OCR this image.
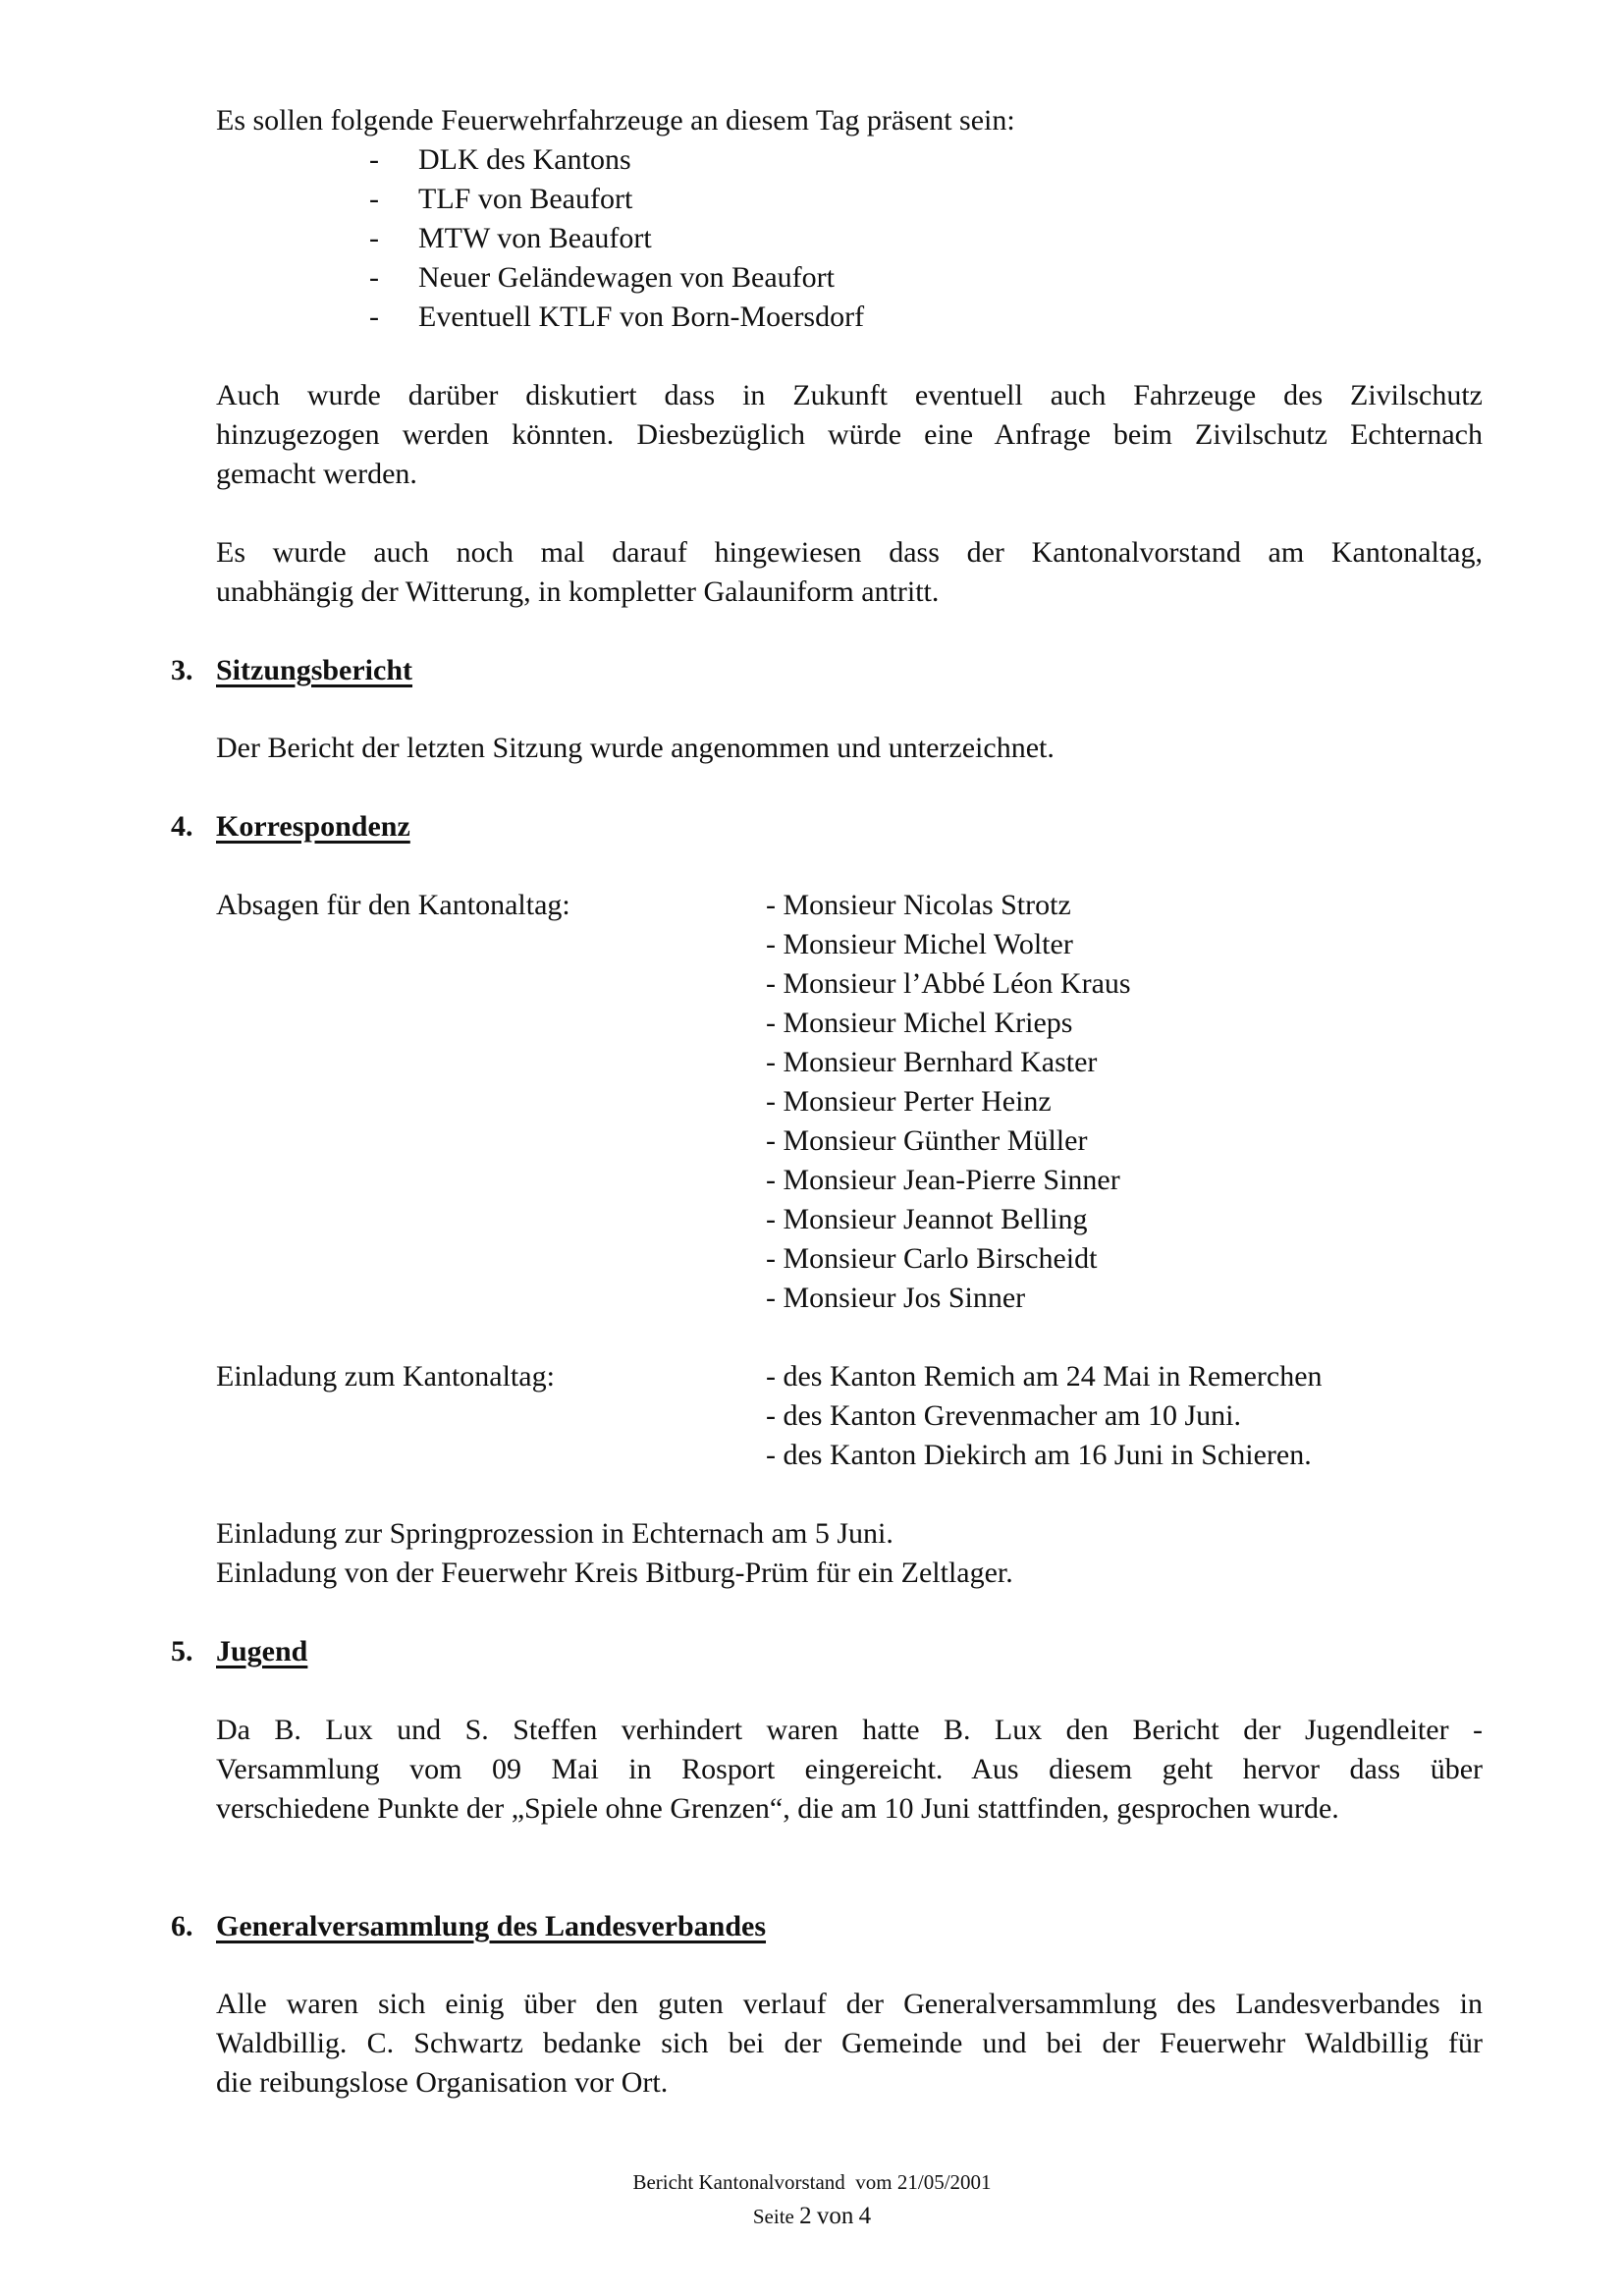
Es sollen folgende Feuerwehrfahrzeuge an diesem Tag präsent sein:
- DLK des Kantons
- TLF von Beaufort
- MTW von Beaufort
- Neuer Geländewagen von Beaufort
- Eventuell KTLF von Born-Moersdorf
Auch wurde darüber diskutiert dass in Zukunft eventuell auch Fahrzeuge des Zivilschutz
hinzugezogen werden könnten. Diesbezüglich würde eine Anfrage beim Zivilschutz Echternach
gemacht werden.
Es wurde auch noch mal darauf hingewiesen dass der Kantonalvorstand am Kantonaltag,
unabhängig der Witterung, in kompletter Galauniform antritt.
3. Sitzungsbericht
Der Bericht der letzten Sitzung wurde angenommen und unterzeichnet.
4. Korrespondenz
Absagen für den Kantonaltag:	- Monsieur Nicolas Strotz
- Monsieur Michel Wolter
- Monsieur l’Abbé Léon Kraus
- Monsieur Michel Krieps
- Monsieur Bernhard Kaster
- Monsieur Perter Heinz
- Monsieur Günther Müller
- Monsieur Jean-Pierre Sinner
- Monsieur Jeannot Belling
- Monsieur Carlo Birscheidt
- Monsieur Jos Sinner
Einladung zum Kantonaltag:	- des Kanton Remich am 24 Mai in Remerchen
- des Kanton Grevenmacher am 10 Juni.
- des Kanton Diekirch am 16 Juni in Schieren.
Einladung zur Springprozession in Echternach am 5 Juni.
Einladung von der Feuerwehr Kreis Bitburg-Prüm für ein Zeltlager.
5. Jugend
Da B. Lux und S. Steffen verhindert waren hatte B. Lux den Bericht der Jugendleiter -
Versammlung vom 09 Mai in Rosport eingereicht. Aus diesem geht hervor dass über
verschiedene Punkte der „Spiele ohne Grenzen“, die am 10 Juni stattfinden, gesprochen wurde.
6. Generalversammlung des Landesverbandes
Alle waren sich einig über den guten verlauf der Generalversammlung des Landesverbandes in
Waldbillig. C. Schwartz bedanke sich bei der Gemeinde und bei der Feuerwehr Waldbillig für
die reibungslose Organisation vor Ort.
Bericht Kantonalvorstand  vom 21/05/2001
Seite 2 von 4
